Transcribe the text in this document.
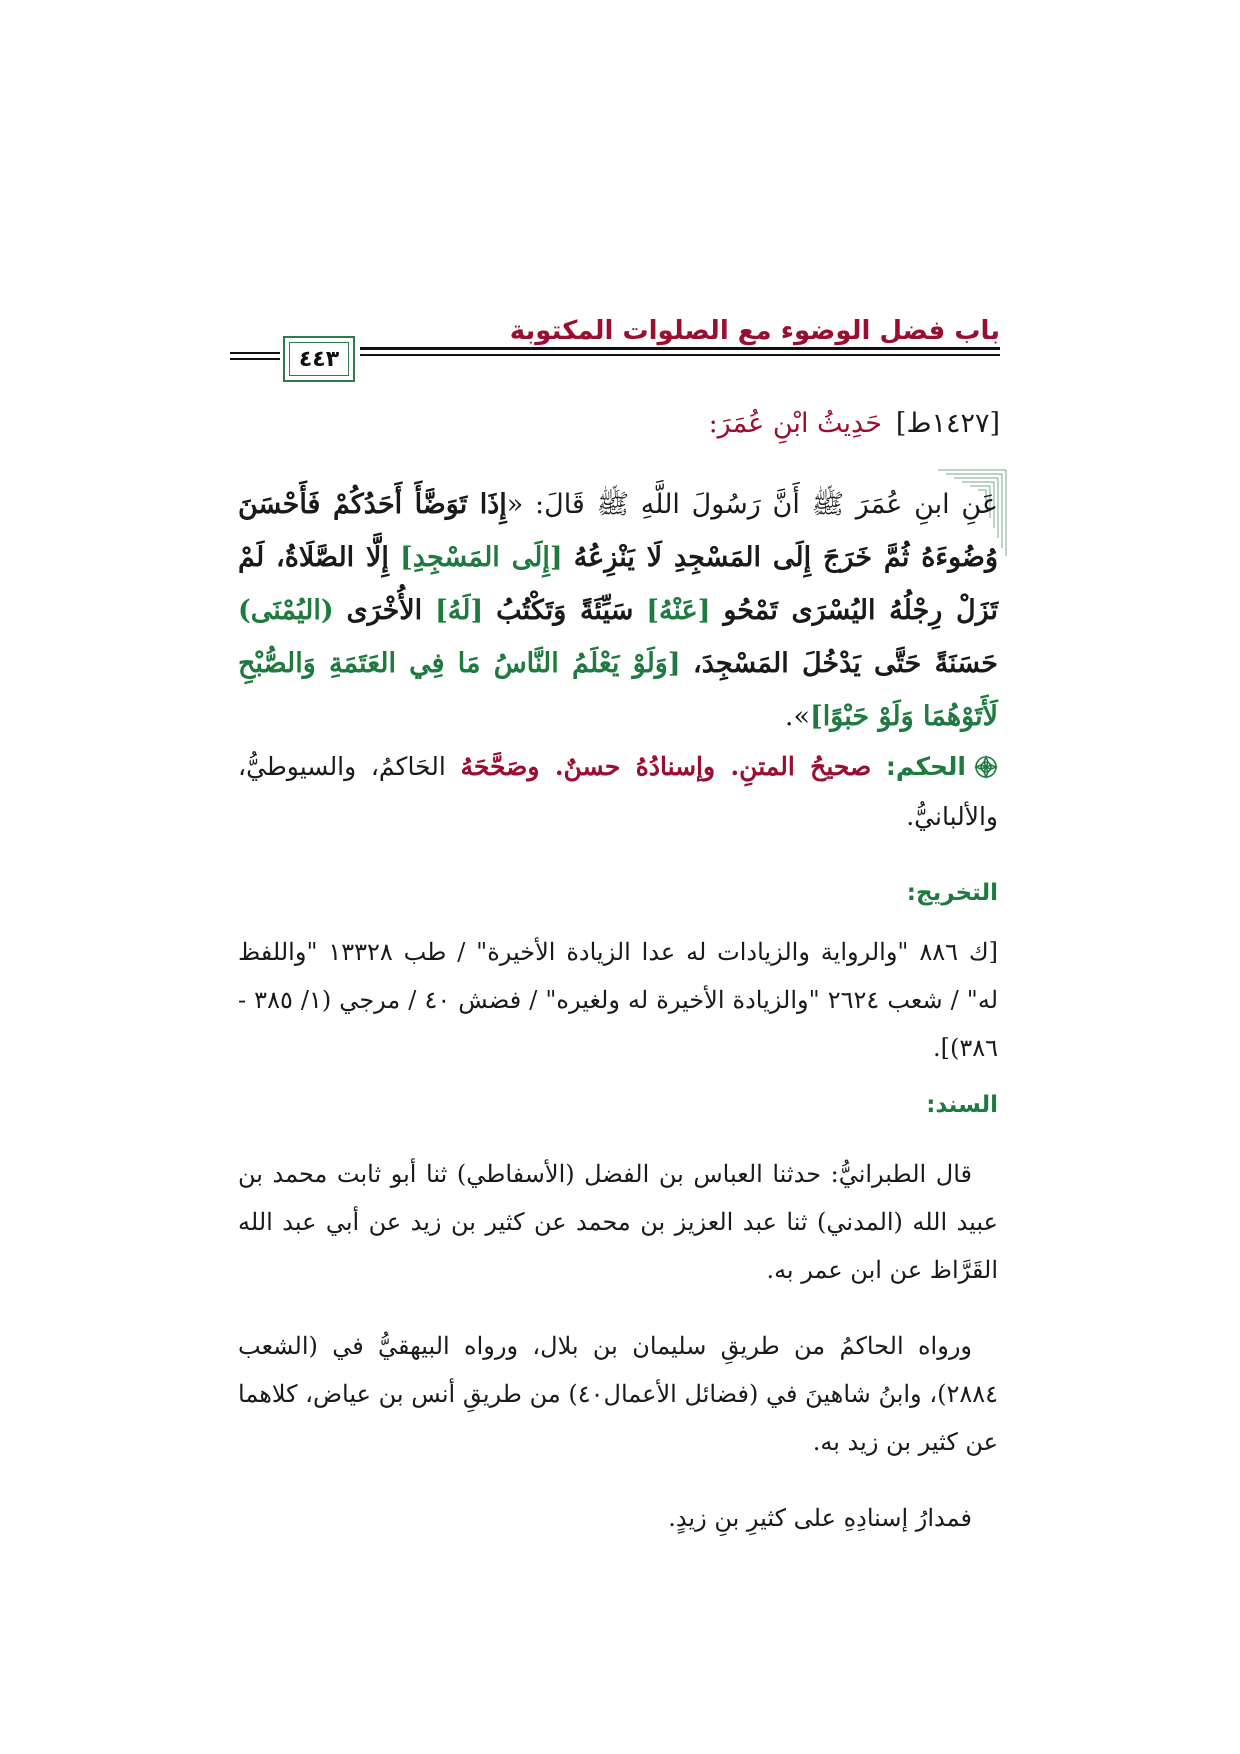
باب فضل الوضوء مع الصلوات المكتوبة
٤٤٣
[١٤٢٧ط]حَدِيثُ ابْنِ عُمَرَ:
عَنِ ابنِ عُمَرَ ﷺ أَنَّ رَسُولَ اللَّهِ ﷺ قَالَ: «إِذَا تَوَضَّأَ أَحَدُكُمْ فَأَحْسَنَ وُضُوءَهُ ثُمَّ خَرَجَ إِلَى المَسْجِدِ لَا يَنْزِعُهُ [إِلَى المَسْجِدِ] إِلَّا الصَّلَاةُ، لَمْ تَزَلْ رِجْلُهُ اليُسْرَى تَمْحُو [عَنْهُ] سَيِّئَةً وَتَكْتُبُ [لَهُ] الأُخْرَى (اليُمْنَى) حَسَنَةً حَتَّى يَدْخُلَ المَسْجِدَ، [وَلَوْ يَعْلَمُ النَّاسُ مَا فِي العَتَمَةِ وَالصُّبْحِ لَأَتَوْهُمَا وَلَوْ حَبْوًا]».
الحكم: صحيحُ المتنِ. وإسنادُهُ حسنٌ. وصَحَّحَهُ الحَاكمُ، والسيوطيُّ، والألبانيُّ.
التخريج:
[ك ٨٨٦ "والرواية والزيادات له عدا الزيادة الأخيرة" / طب ١٣٣٢٨ "واللفظ له" / شعب ٢٦٢٤ "والزيادة الأخيرة له ولغيره" / فضش ٤٠ / مرجي (١/ ٣٨٥ - ٣٨٦)].
السند:
قال الطبرانيُّ: حدثنا العباس بن الفضل (الأسفاطي) ثنا أبو ثابت محمد بن عبيد الله (المدني) ثنا عبد العزيز بن محمد عن كثير بن زيد عن أبي عبد الله القَرَّاظ عن ابن عمر به.
ورواه الحاكمُ من طريقِ سليمان بن بلال، ورواه البيهقيُّ في (الشعب ٢٨٨٤)، وابنُ شاهينَ في (فضائل الأعمال٤٠) من طريقِ أنس بن عياض، كلاهما عن كثير بن زيد به.
فمدارُ إسنادِهِ على كثيرِ بنِ زيدٍ.
